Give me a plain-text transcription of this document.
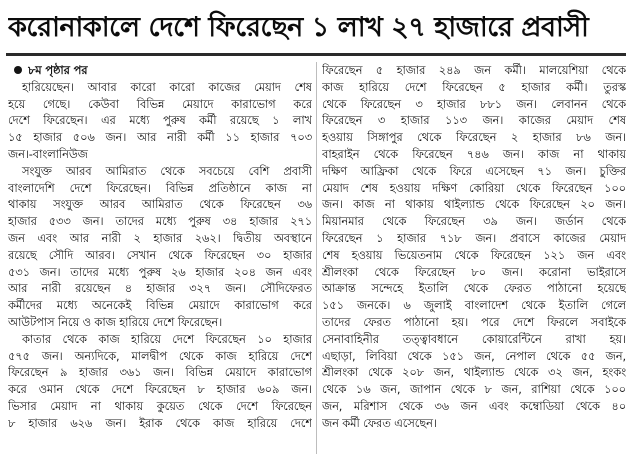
করোনাকালে দেশে ফিরেছেন ১ লাখ ২৭ হাজারে প্রবাসী
৮ম পৃষ্ঠার পর
হারিয়েছেন। আবার কারো কারো কাজের মেয়াদ শেষ
হয়ে গেছে। কেউবা বিভিন্ন মেয়াদে কারাভোগ করে
দেশে ফিরেছেন। এর মধ্যে পুরুষ কর্মী রয়েছে ১ লাখ
১৫ হাজার ৫০৬ জন। আর নারী কর্মী ১১ হাজার ৭০৩
জন।-বাংলানিউজ
সংযুক্ত আরব আমিরাত থেকে সবচেয়ে বেশি প্রবাসী
বাংলাদেশি দেশে ফিরেছেন। বিভিন্ন প্রতিষ্ঠানে কাজ না
থাকায় সংযুক্ত আরব আমিরাত থেকে ফিরেছেন ৩৬
হাজার ৫৩৩ জন। তাদের মধ্যে পুরুষ ৩৪ হাজার ২৭১
জন এবং আর নারী ২ হাজার ২৬২। দ্বিতীয় অবস্থানে
রয়েছে সৌদি আরব। সেখান থেকে ফিরেছেন ৩০ হাজার
৫৩১ জন। তাদের মধ্যে পুরুষ ২৬ হাজার ২০৪ জন এবং
আর নারী রয়েছেন ৪ হাজার ৩২৭ জন। সৌদিফেরত
কর্মীদের মধ্যে অনেকেই বিভিন্ন মেয়াদে কারাভোগ করে
আউটপাস নিয়ে ও কাজ হারিয়ে দেশে ফিরেছেন।
কাতার থেকে কাজ হারিয়ে দেশে ফিরেছেন ১০ হাজার
৫৭৫ জন। অন্যদিকে, মালদ্বীপ থেকে কাজ হারিয়ে দেশে
ফিরেছেন ৯ হাজার ৩৬১ জন। বিভিন্ন মেয়াদে কারাভোগ
করে ওমান থেকে দেশে ফিরেছেন ৮ হাজার ৬০৯ জন।
ভিসার মেয়াদ না থাকায় কুয়েত থেকে দেশে ফিরেছেন
৮ হাজার ৬২৬ জন। ইরাক থেকে কাজ হারিয়ে দেশে
ফিরেছেন ৫ হাজার ২৪৯ জন কর্মী। মালয়েশিয়া থেকে
কাজ হারিয়ে দেশে ফিরেছেন ৫ হাজার কর্মী। তুরস্ক
থেকে ফিরেছেন ৩ হাজার ৮৮১ জন। লেবানন থেকে
ফিরেছেন ৩ হাজার ১১৩ জন। কাজের মেয়াদ শেষ
হওয়ায় সিঙ্গাপুর থেকে ফিরেছেন ২ হাজার ৮৬ জন।
বাহরাইন থেকে ফিরেছেন ৭৪৬ জন। কাজ না থাকায়
দক্ষিণ আফ্রিকা থেকে ফিরে এসেছেন ৭১ জন। চুক্তির
মেয়াদ শেষ হওয়ায় দক্ষিণ কোরিয়া থেকে ফিরেছেন ১০০
জন। কাজ না থাকায় থাইল্যান্ড থেকে ফিরেছেন ২০ জন।
মিয়ানমার থেকে ফিরেছেন ৩৯ জন। জর্ডান থেকে
ফিরেছেন ১ হাজার ৭১৮ জন। প্রবাসে কাজের মেয়াদ
শেষ হওয়ায় ভিয়েতনাম থেকে ফিরেছেন ১২১ জন এবং
শ্রীলংকা থেকে ফিরেছেন ৮০ জন। করোনা ভাইরাসে
আক্রান্ত সন্দেহে ইতালি থেকে ফেরত পাঠানো হয়েছে
১৫১ জনকে। ৬ জুলাই বাংলাদেশ থেকে ইতালি গেলে
তাদের ফেরত পাঠানো হয়। পরে দেশে ফিরলে সবাইকে
সেনাবাহিনীর তত্ত্বাবধানে কোয়ারেন্টিনে রাখা হয়।
এছাড়া, লিবিয়া থেকে ১৫১ জন, নেপাল থেকে ৫৫ জন,
শ্রীলংকা থেকে ২০৮ জন, থাইল্যান্ড থেকে ৩২ জন, হংকং
থেকে ১৬ জন, জাপান থেকে ৮ জন, রাশিয়া থেকে ১০০
জন, মরিশাস থেকে ৩৬ জন এবং কম্বোডিয়া থেকে ৪০
জন কর্মী ফেরত এসেছেন।
